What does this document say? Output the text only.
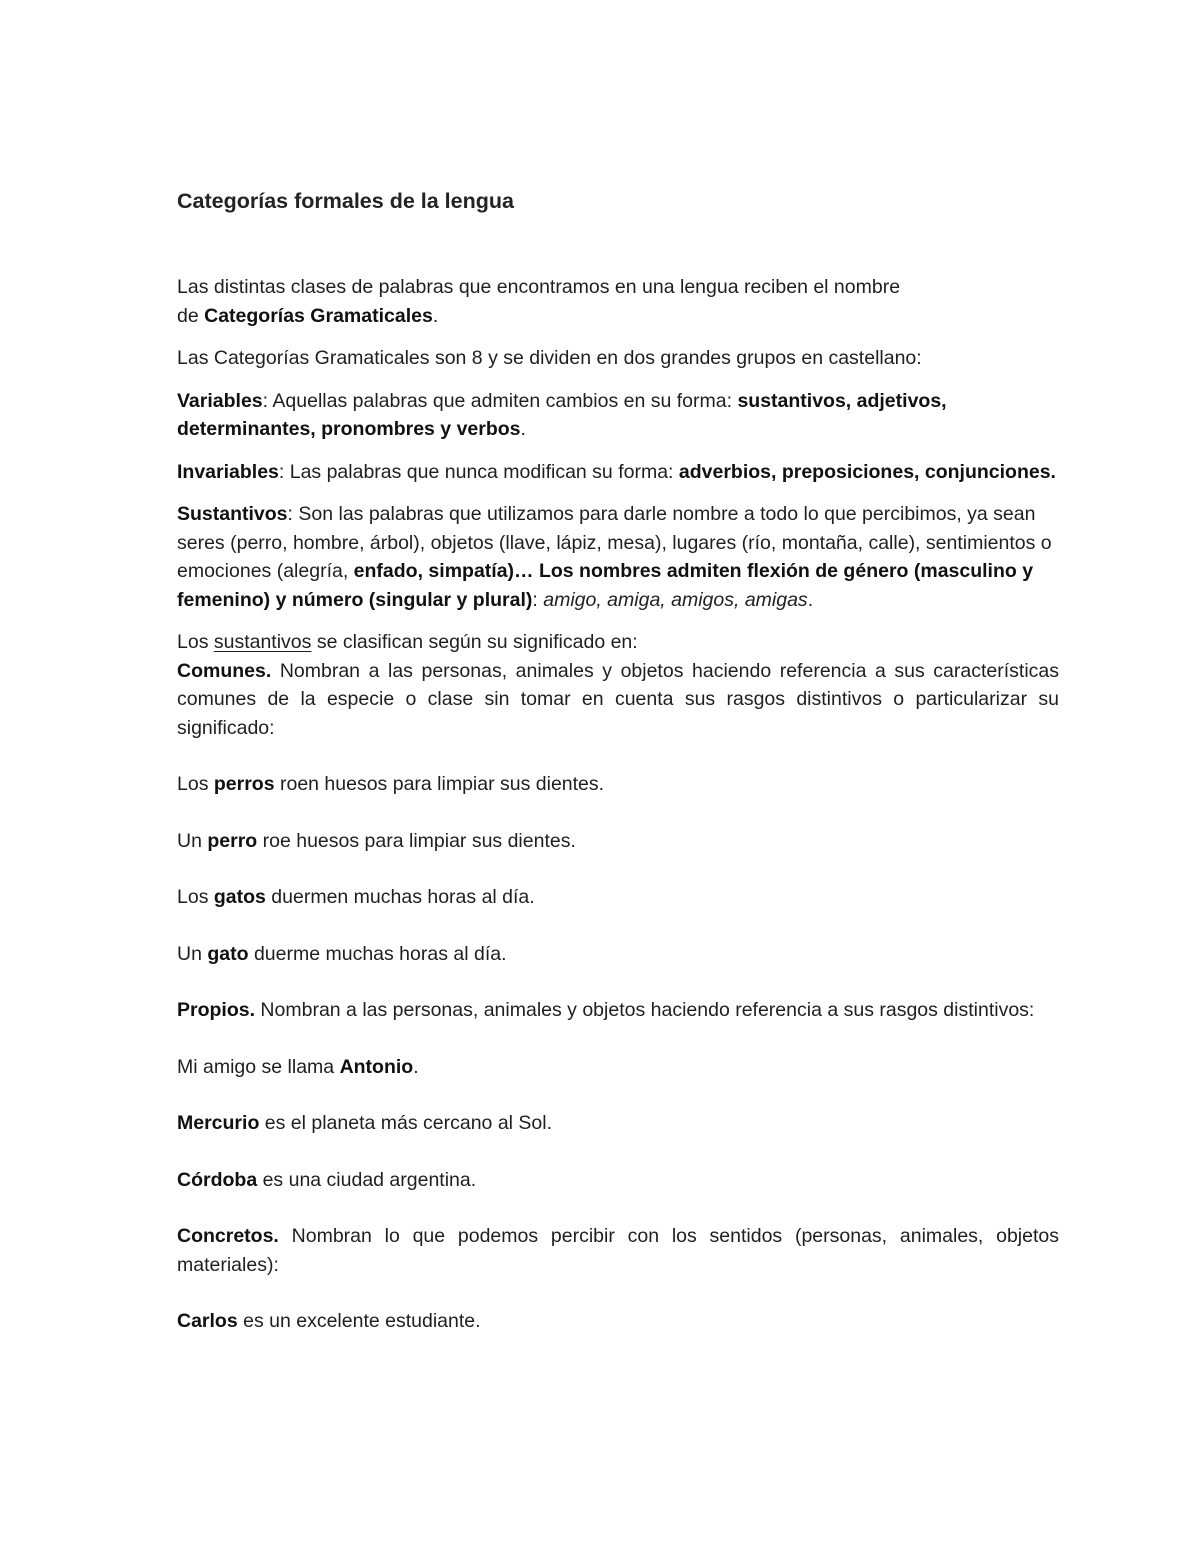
Categorías formales de la lengua

Las distintas clases de palabras que encontramos en una lengua reciben el nombre
de Categorías Gramaticales.

Las Categorías Gramaticales son 8 y se dividen en dos grandes grupos en castellano:

Variables: Aquellas palabras que admiten cambios en su forma: sustantivos, adjetivos, determinantes, pronombres y verbos.

Invariables: Las palabras que nunca modifican su forma: adverbios, preposiciones, conjunciones.

Sustantivos: Son las palabras que utilizamos para darle nombre a todo lo que percibimos, ya sean seres (perro, hombre, árbol), objetos (llave, lápiz, mesa), lugares (río, montaña, calle), sentimientos o emociones (alegría, enfado, simpatía)… Los nombres admiten flexión de género (masculino y femenino) y número (singular y plural): amigo, amiga, amigos, amigas.

Los sustantivos se clasifican según su significado en:

Comunes. Nombran a las personas, animales y objetos haciendo referencia a sus características comunes de la especie o clase sin tomar en cuenta sus rasgos distintivos o particularizar su significado:

Los perros roen huesos para limpiar sus dientes.

Un perro roe huesos para limpiar sus dientes.

Los gatos duermen muchas horas al día.

Un gato duerme muchas horas al día.

Propios. Nombran a las personas, animales y objetos haciendo referencia a sus rasgos distintivos:

Mi amigo se llama Antonio.

Mercurio es el planeta más cercano al Sol.

Córdoba es una ciudad argentina.

Concretos. Nombran lo que podemos percibir con los sentidos (personas, animales, objetos materiales):

Carlos es un excelente estudiante.
